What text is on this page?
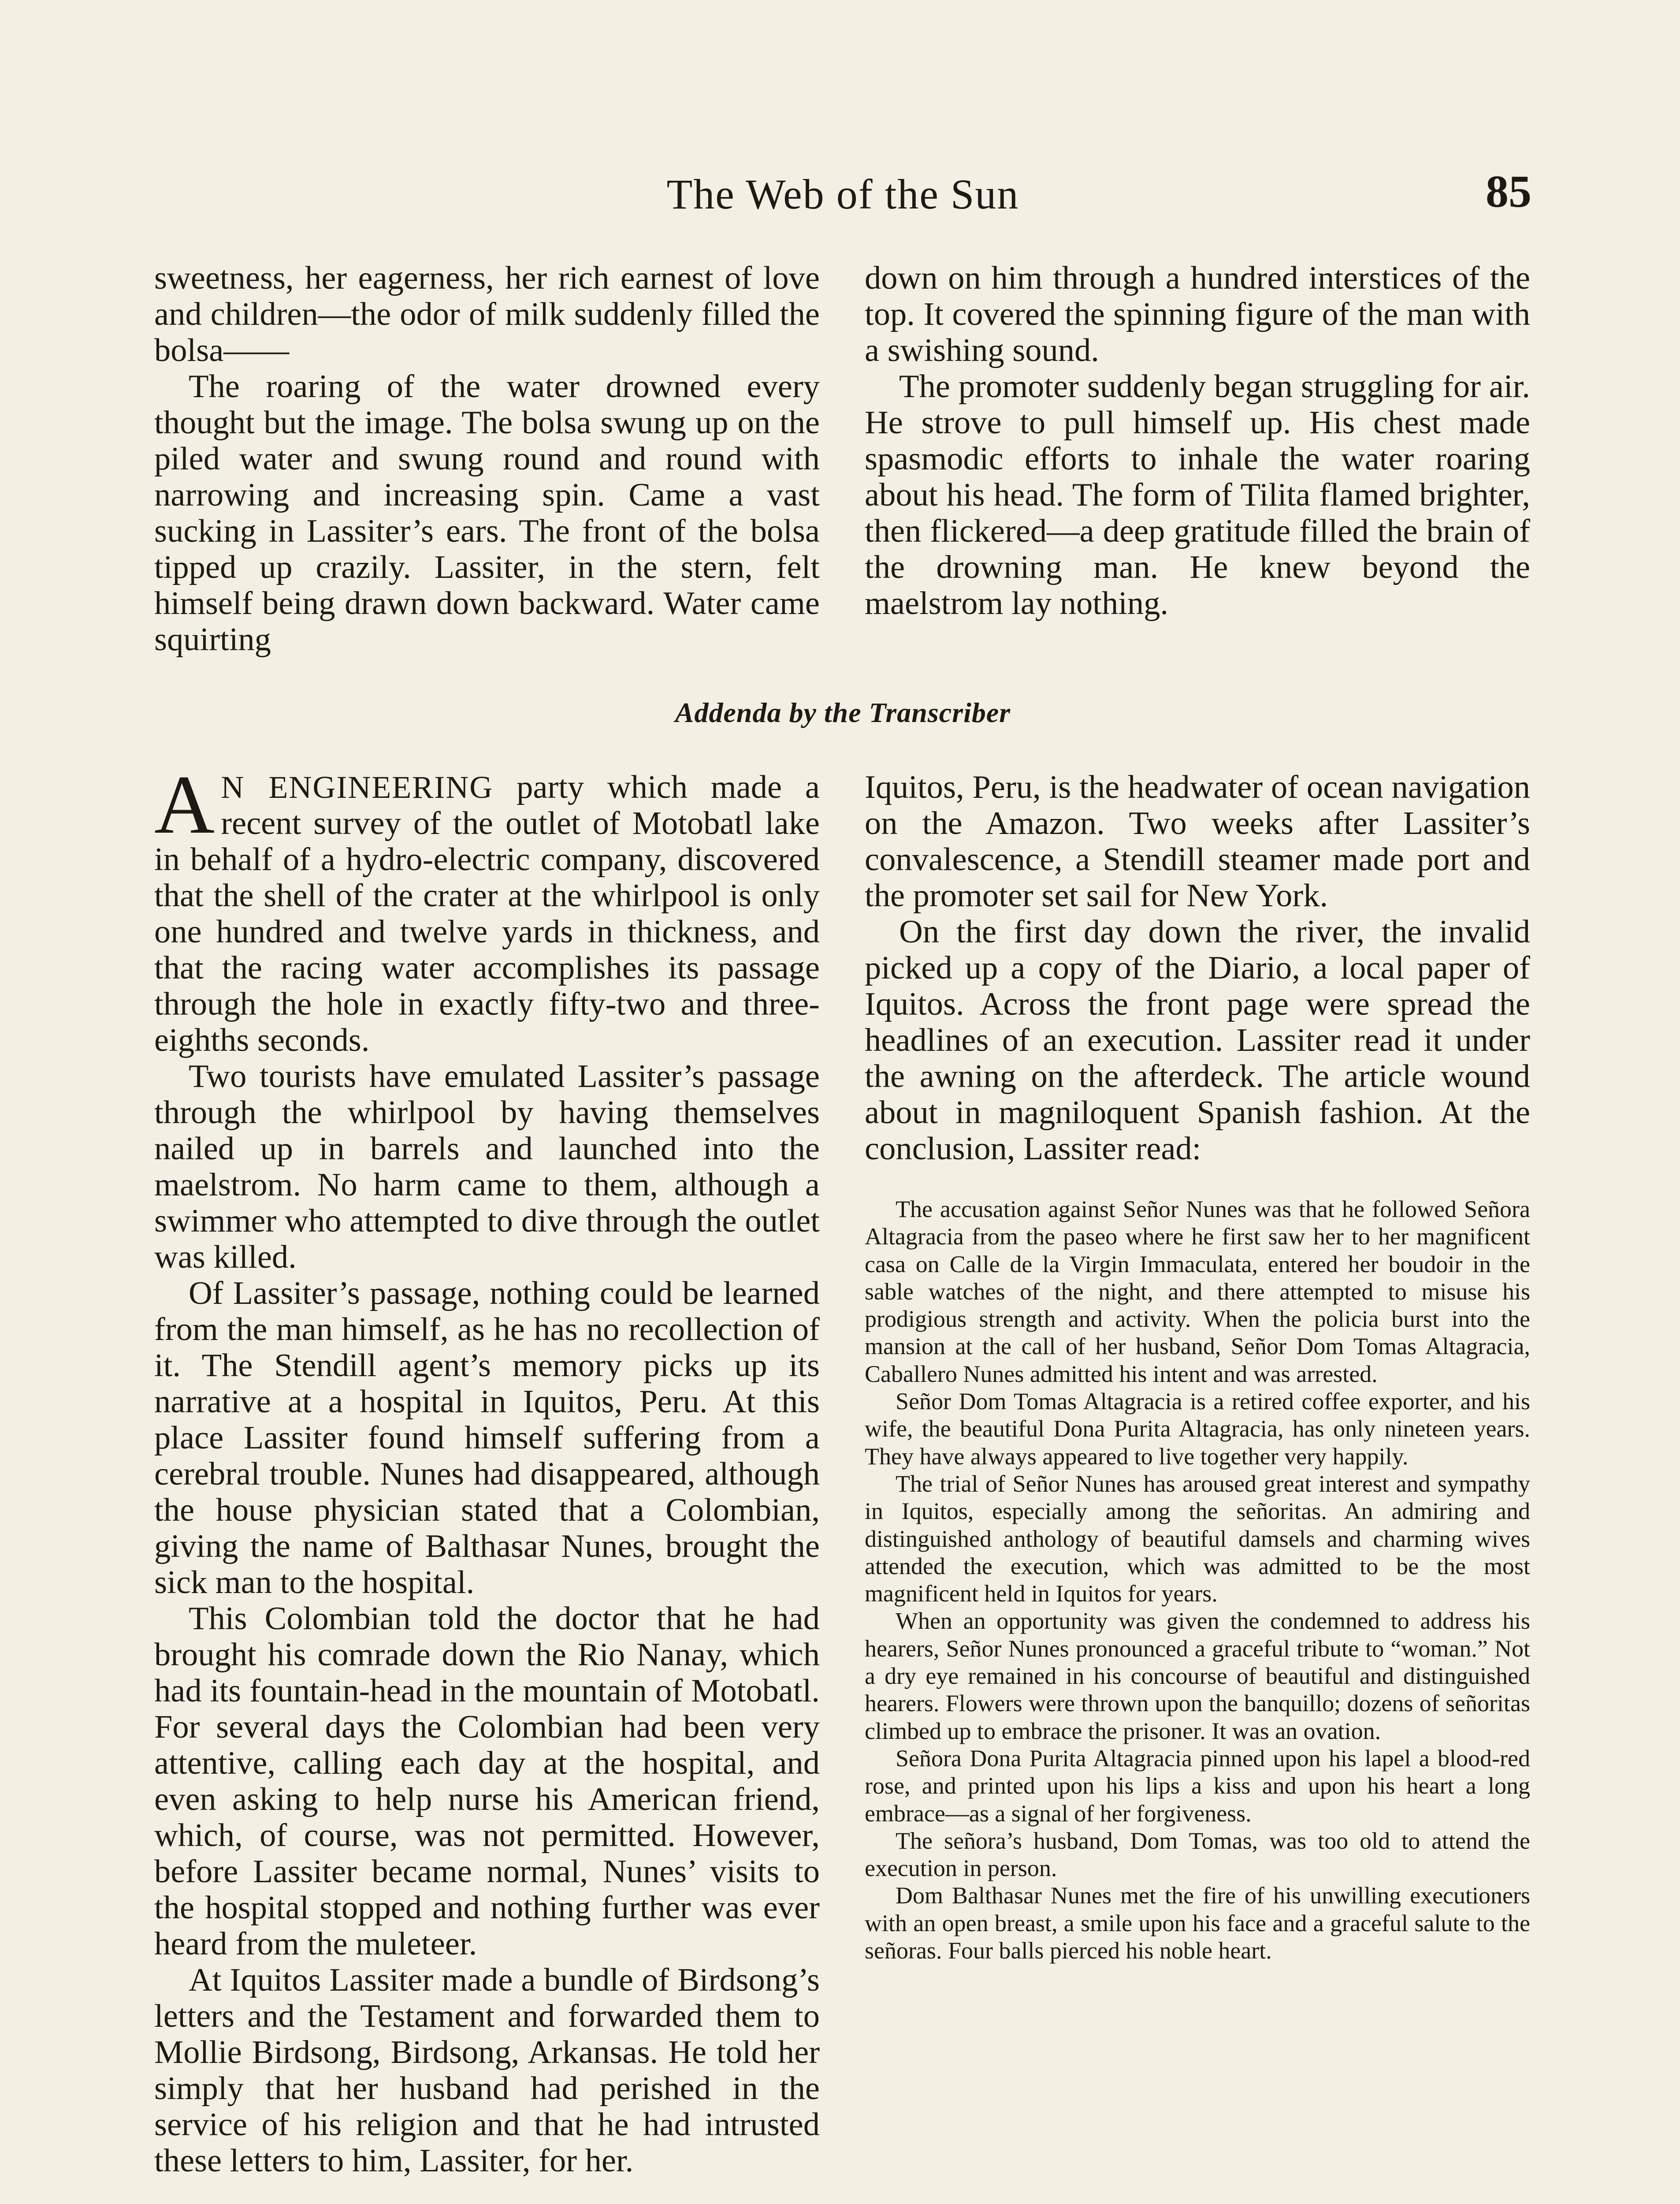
The Web of the Sun	85

sweetness, her eagerness, her rich earnest of love and children—the odor of milk suddenly filled the bolsa——

The roaring of the water drowned every thought but the image. The bolsa swung up on the piled water and swung round and round with narrowing and increasing spin. Came a vast sucking in Lassiter’s ears. The front of the bolsa tipped up crazily. Lassiter, in the stern, felt himself being drawn down backward. Water came squirting

down on him through a hundred interstices of the top. It covered the spinning figure of the man with a swishing sound.

The promoter suddenly began struggling for air. He strove to pull himself up. His chest made spasmodic efforts to inhale the water roaring about his head. The form of Tilita flamed brighter, then flickered—a deep gratitude filled the brain of the drowning man. He knew beyond the maelstrom lay nothing.

Addenda by the Transcriber

A N ENGINEERING party which made a recent survey of the outlet of Motobatl lake in behalf of a hydro-electric company, discovered that the shell of the crater at the whirlpool is only one hundred and twelve yards in thickness, and that the racing water accomplishes its passage through the hole in exactly fifty-two and three-eighths seconds.

Two tourists have emulated Lassiter’s passage through the whirlpool by having themselves nailed up in barrels and launched into the maelstrom. No harm came to them, although a swimmer who attempted to dive through the outlet was killed.

Of Lassiter’s passage, nothing could be learned from the man himself, as he has no recollection of it. The Stendill agent’s memory picks up its narrative at a hospital in Iquitos, Peru. At this place Lassiter found himself suffering from a cerebral trouble. Nunes had disappeared, although the house physician stated that a Colombian, giving the name of Balthasar Nunes, brought the sick man to the hospital.

This Colombian told the doctor that he had brought his comrade down the Rio Nanay, which had its fountain-head in the mountain of Motobatl. For several days the Colombian had been very attentive, calling each day at the hospital, and even asking to help nurse his American friend, which, of course, was not permitted. However, before Lassiter became normal, Nunes’ visits to the hospital stopped and nothing further was ever heard from the muleteer.

At Iquitos Lassiter made a bundle of Birdsong’s letters and the Testament and forwarded them to Mollie Birdsong, Birdsong, Arkansas. He told her simply that her husband had perished in the service of his religion and that he had intrusted these letters to him, Lassiter, for her.

Iquitos, Peru, is the headwater of ocean navigation on the Amazon. Two weeks after Lassiter’s convalescence, a Stendill steamer made port and the promoter set sail for New York.

On the first day down the river, the invalid picked up a copy of the Diario, a local paper of Iquitos. Across the front page were spread the headlines of an execution. Lassiter read it under the awning on the afterdeck. The article wound about in magniloquent Spanish fashion. At the conclusion, Lassiter read:

The accusation against Señor Nunes was that he followed Señora Altagracia from the paseo where he first saw her to her magnificent casa on Calle de la Virgin Immaculata, entered her boudoir in the sable watches of the night, and there attempted to misuse his prodigious strength and activity. When the policia burst into the mansion at the call of her husband, Señor Dom Tomas Altagracia, Caballero Nunes admitted his intent and was arrested.

Señor Dom Tomas Altagracia is a retired coffee exporter, and his wife, the beautiful Dona Purita Altagracia, has only nineteen years. They have always appeared to live together very happily.

The trial of Señor Nunes has aroused great interest and sympathy in Iquitos, especially among the señoritas. An admiring and distinguished anthology of beautiful damsels and charming wives attended the execution, which was admitted to be the most magnificent held in Iquitos for years.

When an opportunity was given the condemned to address his hearers, Señor Nunes pronounced a graceful tribute to “woman.” Not a dry eye remained in his concourse of beautiful and distinguished hearers. Flowers were thrown upon the banquillo; dozens of señoritas climbed up to embrace the prisoner. It was an ovation.

Señora Dona Purita Altagracia pinned upon his lapel a blood-red rose, and printed upon his lips a kiss and upon his heart a long embrace—as a signal of her forgiveness.

The señora’s husband, Dom Tomas, was too old to attend the execution in person.

Dom Balthasar Nunes met the fire of his unwilling executioners with an open breast, a smile upon his face and a graceful salute to the señoras. Four balls pierced his noble heart.
